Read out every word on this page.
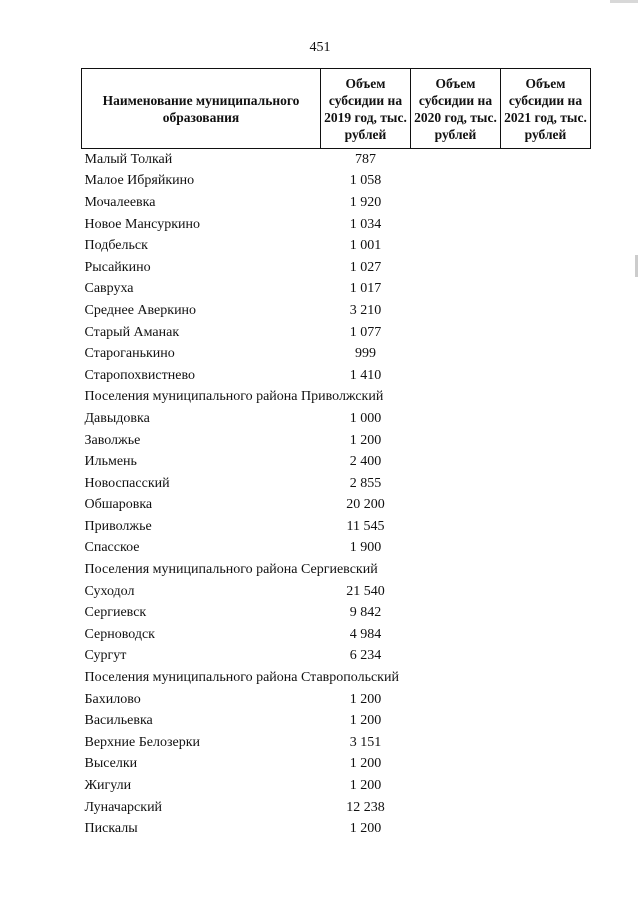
451
Наименование муниципального образования	Объем субсидии на 2019 год, тыс. рублей	Объем субсидии на 2020 год, тыс. рублей	Объем субсидии на 2021 год, тыс. рублей
Малый Толкай	787		
Малое Ибряйкино	1 058		
Мочалеевка	1 920		
Новое Мансуркино	1 034		
Подбельск	1 001		
Рысайкино	1 027		
Савруха	1 017		
Среднее Аверкино	3 210		
Старый Аманак	1 077		
Староганькино	999		
Старопохвистнево	1 410		
Поселения муниципального района Приволжский			
Давыдовка	1 000		
Заволжье	1 200		
Ильмень	2 400		
Новоспасский	2 855		
Обшаровка	20 200		
Приволжье	11 545		
Спасское	1 900		
Поселения муниципального района Сергиевский			
Суходол	21 540		
Сергиевск	9 842		
Серноводск	4 984		
Сургут	6 234		
Поселения муниципального района Ставропольский			
Бахилово	1 200		
Васильевка	1 200		
Верхние Белозерки	3 151		
Выселки	1 200		
Жигули	1 200		
Луначарский	12 238		
Пискалы	1 200		
